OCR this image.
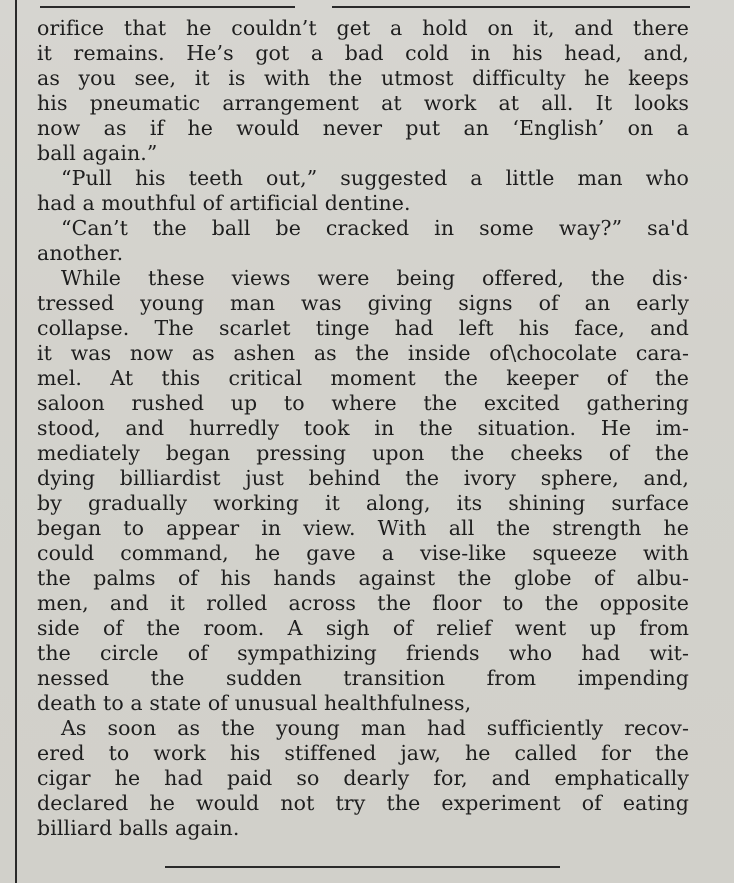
orifice that he couldn’t get a hold on it, and there
it remains. He’s got a bad cold in his head, and,
as you see, it is with the utmost difficulty he keeps
his pneumatic arrangement at work at all. It looks
now as if he would never put an ‘English’ on a
ball again.”
“Pull his teeth out,” suggested a little man who
had a mouthful of artificial dentine.
“Can’t the ball be cracked in some way?” sa'd
another.
While these views were being offered, the dis·
tressed young man was giving signs of an early
collapse. The scarlet tinge had left his face, and
it was now as ashen as the inside of\chocolate cara-
mel. At this critical moment the keeper of the
saloon rushed up to where the excited gathering
stood, and hurredly took in the situation. He im-
mediately began pressing upon the cheeks of the
dying billiardist just behind the ivory sphere, and,
by gradually working it along, its shining surface
began to appear in view. With all the strength he
could command, he gave a vise-like squeeze with
the palms of his hands against the globe of albu-
men, and it rolled across the floor to the opposite
side of the room. A sigh of relief went up from
the circle of sympathizing friends who had wit-
nessed the sudden transition from impending
death to a state of unusual healthfulness,
As soon as the young man had sufficiently recov-
ered to work his stiffened jaw, he called for the
cigar he had paid so dearly for, and emphatically
declared he would not try the experiment of eating
billiard balls again.
